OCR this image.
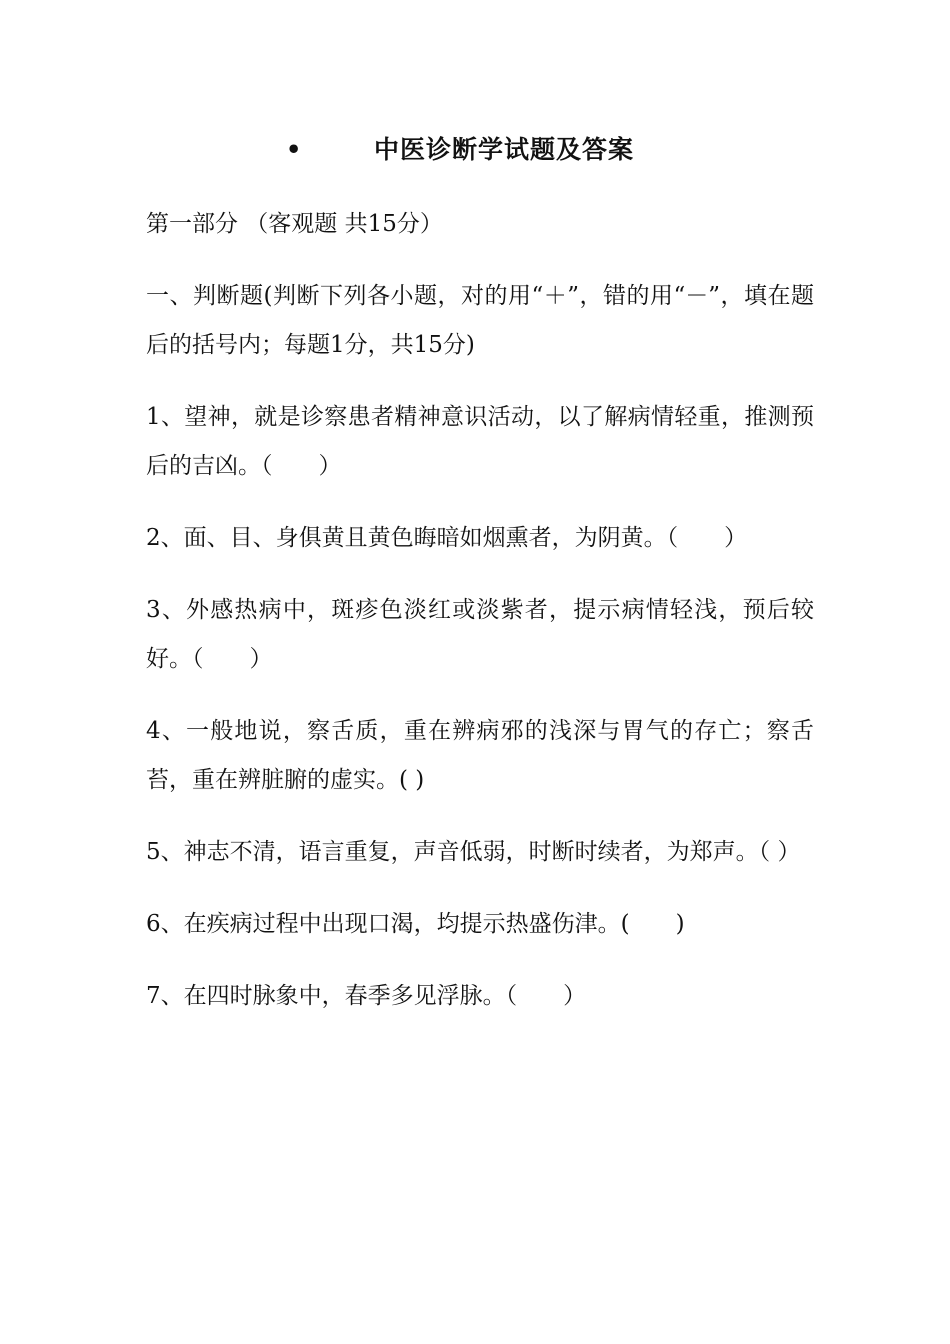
•	中医诊断学试题及答案

第一部分 （客观题 共15分）

一、判断题(判断下列各小题，对的用“＋”，错的用“－”，填在题后的括号内；每题1分，共15分)

1、望神，就是诊察患者精神意识活动，以了解病情轻重，推测预后的吉凶。（　　）

2、面、目、身俱黄且黄色晦暗如烟熏者，为阴黄。（　　）

3、外感热病中，斑疹色淡红或淡紫者，提示病情轻浅，预后较好。（　　）

4、一般地说，察舌质，重在辨病邪的浅深与胃气的存亡；察舌苔，重在辨脏腑的虚实。( )

5、神志不清，语言重复，声音低弱，时断时续者，为郑声。（ ）

6、在疾病过程中出现口渴，均提示热盛伤津。(　　)

7、在四时脉象中，春季多见浮脉。（　　）
